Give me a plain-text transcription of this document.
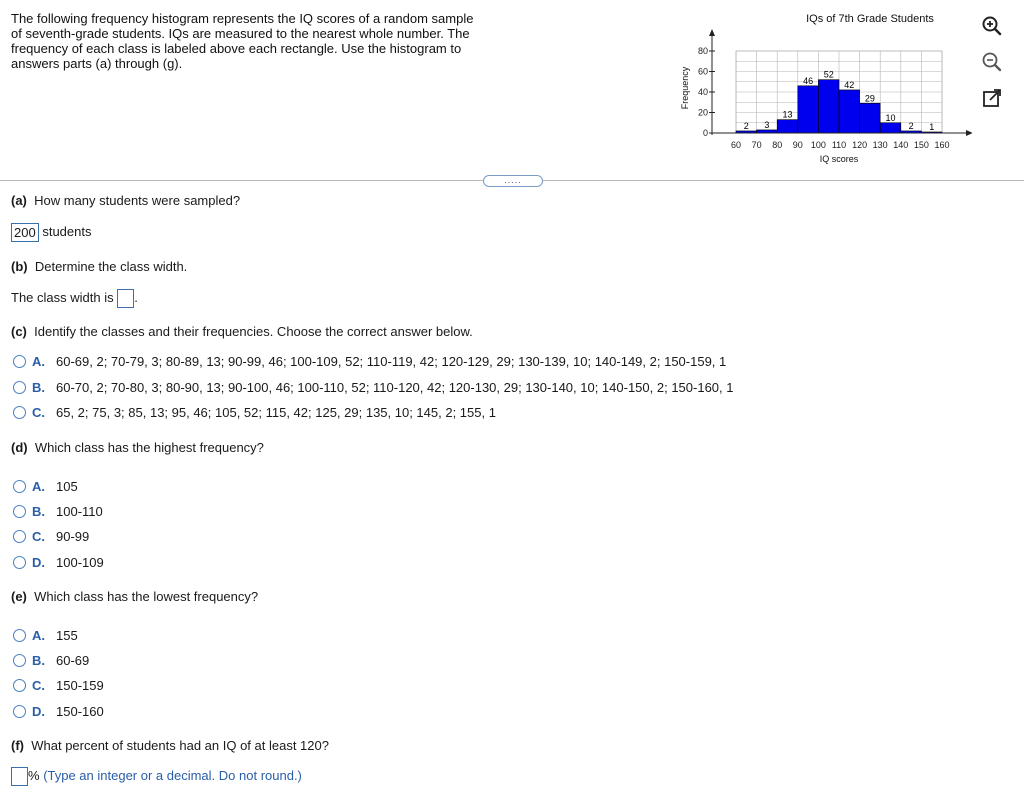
The following frequency histogram represents the IQ scores of a random sample of seventh-grade students. IQs are measured to the nearest whole number. The frequency of each class is labeled above each rectangle. Use the histogram to answers parts (a) through (g).
IQs of 7th Grade Students
Frequency
IQ scores
2 3
13
46
52
42
29
10
2 1
0
20
40
60
80
60 70 80 90 100 110 120 130 140 150 160
.....
(a) How many students were sampled?
200 students
(b) Determine the class width.
The class width is .
(c) Identify the classes and their frequencies. Choose the correct answer below.
A. 60-69, 2; 70-79, 3; 80-89, 13; 90-99, 46; 100-109, 52; 110-119, 42; 120-129, 29; 130-139, 10; 140-149, 2; 150-159, 1
B. 60-70, 2; 70-80, 3; 80-90, 13; 90-100, 46; 100-110, 52; 110-120, 42; 120-130, 29; 130-140, 10; 140-150, 2; 150-160, 1
C. 65, 2; 75, 3; 85, 13; 95, 46; 105, 52; 115, 42; 125, 29; 135, 10; 145, 2; 155, 1
(d) Which class has the highest frequency?
A. 105
B. 100-110
C. 90-99
D. 100-109
(e) Which class has the lowest frequency?
A. 155
B. 60-69
C. 150-159
D. 150-160
(f) What percent of students had an IQ of at least 120?
% (Type an integer or a decimal. Do not round.)
